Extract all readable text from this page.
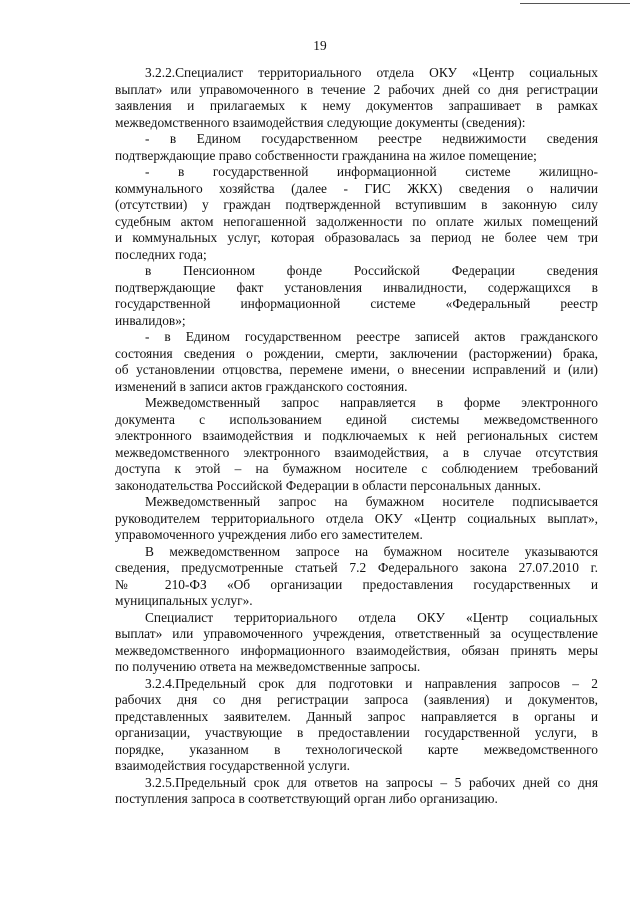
19
3.2.2.Специалист территориального отдела ОКУ «Центр социальных
выплат» или управомоченного в течение 2 рабочих дней со дня регистрации
заявления и прилагаемых к нему документов запрашивает в рамках
межведомственного взаимодействия следующие документы (сведения):
- в Едином государственном реестре недвижимости сведения
подтверждающие право собственности гражданина на жилое помещение;
- в государственной информационной системе жилищно-
коммунального хозяйства (далее - ГИС ЖКХ) сведения о наличии
(отсутствии) у граждан подтвержденной вступившим в законную силу
судебным актом непогашенной задолженности по оплате жилых помещений
и коммунальных услуг, которая образовалась за период не более чем три
последних года;
в Пенсионном фонде Российской Федерации сведения
подтверждающие факт установления инвалидности, содержащихся в
государственной информационной системе «Федеральный реестр
инвалидов»;
- в Едином государственном реестре записей актов гражданского
состояния сведения о рождении, смерти, заключении (расторжении) брака,
об установлении отцовства, перемене имени, о внесении исправлений и (или)
изменений в записи актов гражданского состояния.
Межведомственный запрос направляется в форме электронного
документа с использованием единой системы межведомственного
электронного взаимодействия и подключаемых к ней региональных систем
межведомственного электронного взаимодействия, а в случае отсутствия
доступа к этой – на бумажном носителе с соблюдением требований
законодательства Российской Федерации в области персональных данных.
Межведомственный запрос на бумажном носителе подписывается
руководителем территориального отдела ОКУ «Центр социальных выплат»,
управомоченного учреждения либо его заместителем.
В межведомственном запросе на бумажном носителе указываются
сведения, предусмотренные статьей 7.2 Федерального закона 27.07.2010 г.
№ 210-ФЗ «Об организации предоставления государственных и
муниципальных услуг».
Специалист территориального отдела ОКУ «Центр социальных
выплат» или управомоченного учреждения, ответственный за осуществление
межведомственного информационного взаимодействия, обязан принять меры
по получению ответа на межведомственные запросы.
3.2.4.Предельный срок для подготовки и направления запросов – 2
рабочих дня со дня регистрации запроса (заявления) и документов,
представленных заявителем. Данный запрос направляется в органы и
организации, участвующие в предоставлении государственной услуги, в
порядке, указанном в технологической карте межведомственного
взаимодействия государственной услуги.
3.2.5.Предельный срок для ответов на запросы – 5 рабочих дней со дня
поступления запроса в соответствующий орган либо организацию.
